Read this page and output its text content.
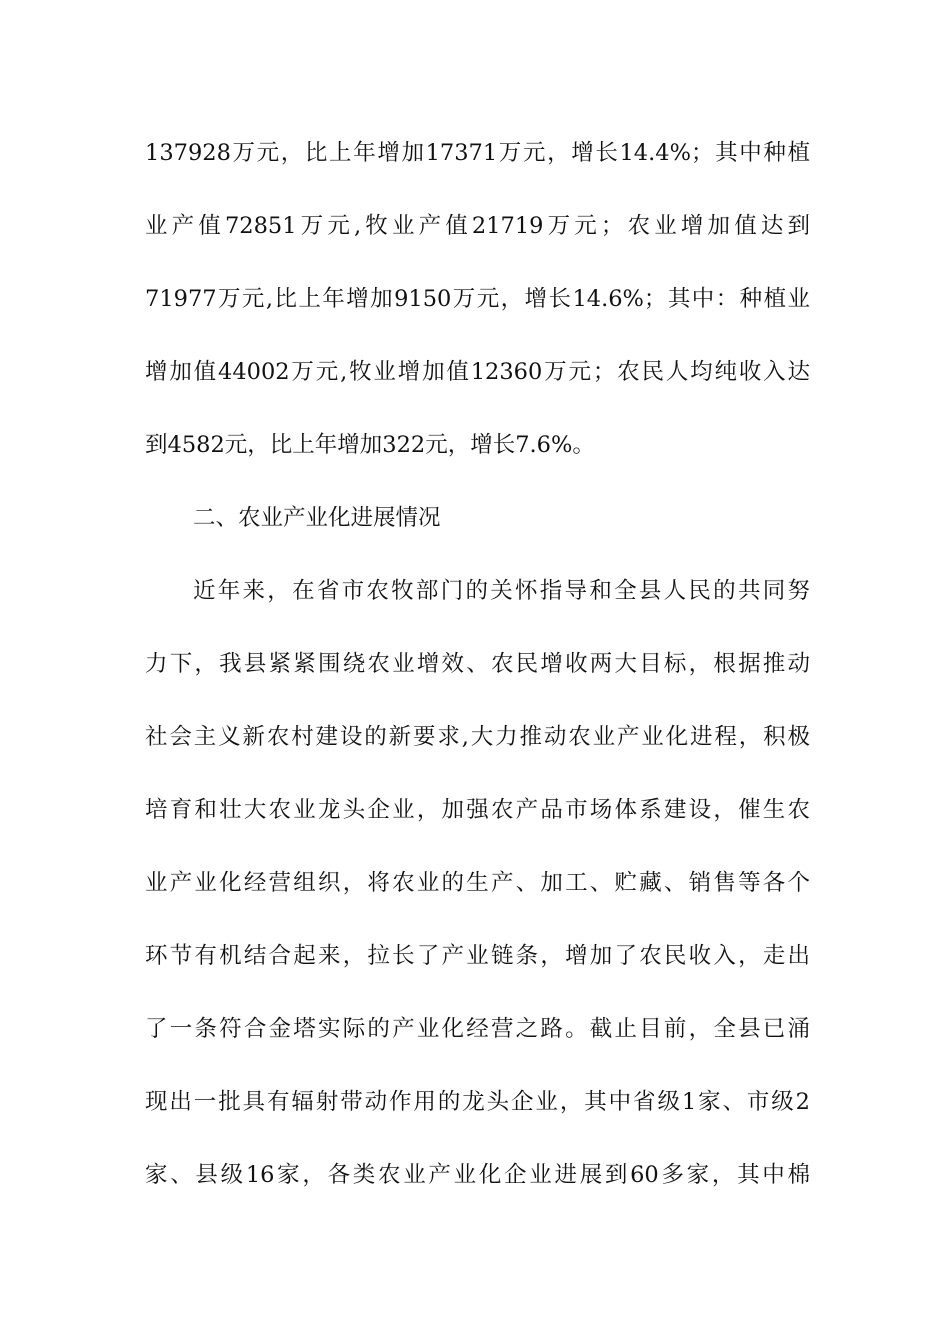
137928万元，比上年增加17371万元，增长14.4%；其中种植
业产值72851万元,牧业产值21719万元；农业增加值达到
71977万元,比上年增加9150万元，增长14.6%；其中：种植业
增加值44002万元,牧业增加值12360万元；农民人均纯收入达
到4582元，比上年增加322元，增长7.6%。
二、农业产业化进展情况
近年来，在省市农牧部门的关怀指导和全县人民的共同努
力下，我县紧紧围绕农业增效、农民增收两大目标，根据推动
社会主义新农村建设的新要求,大力推动农业产业化进程，积极
培育和壮大农业龙头企业，加强农产品市场体系建设，催生农
业产业化经营组织，将农业的生产、加工、贮藏、销售等各个
环节有机结合起来，拉长了产业链条，增加了农民收入，走出
了一条符合金塔实际的产业化经营之路。截止目前，全县已涌
现出一批具有辐射带动作用的龙头企业，其中省级1家、市级2
家、县级16家，各类农业产业化企业进展到60多家，其中棉
